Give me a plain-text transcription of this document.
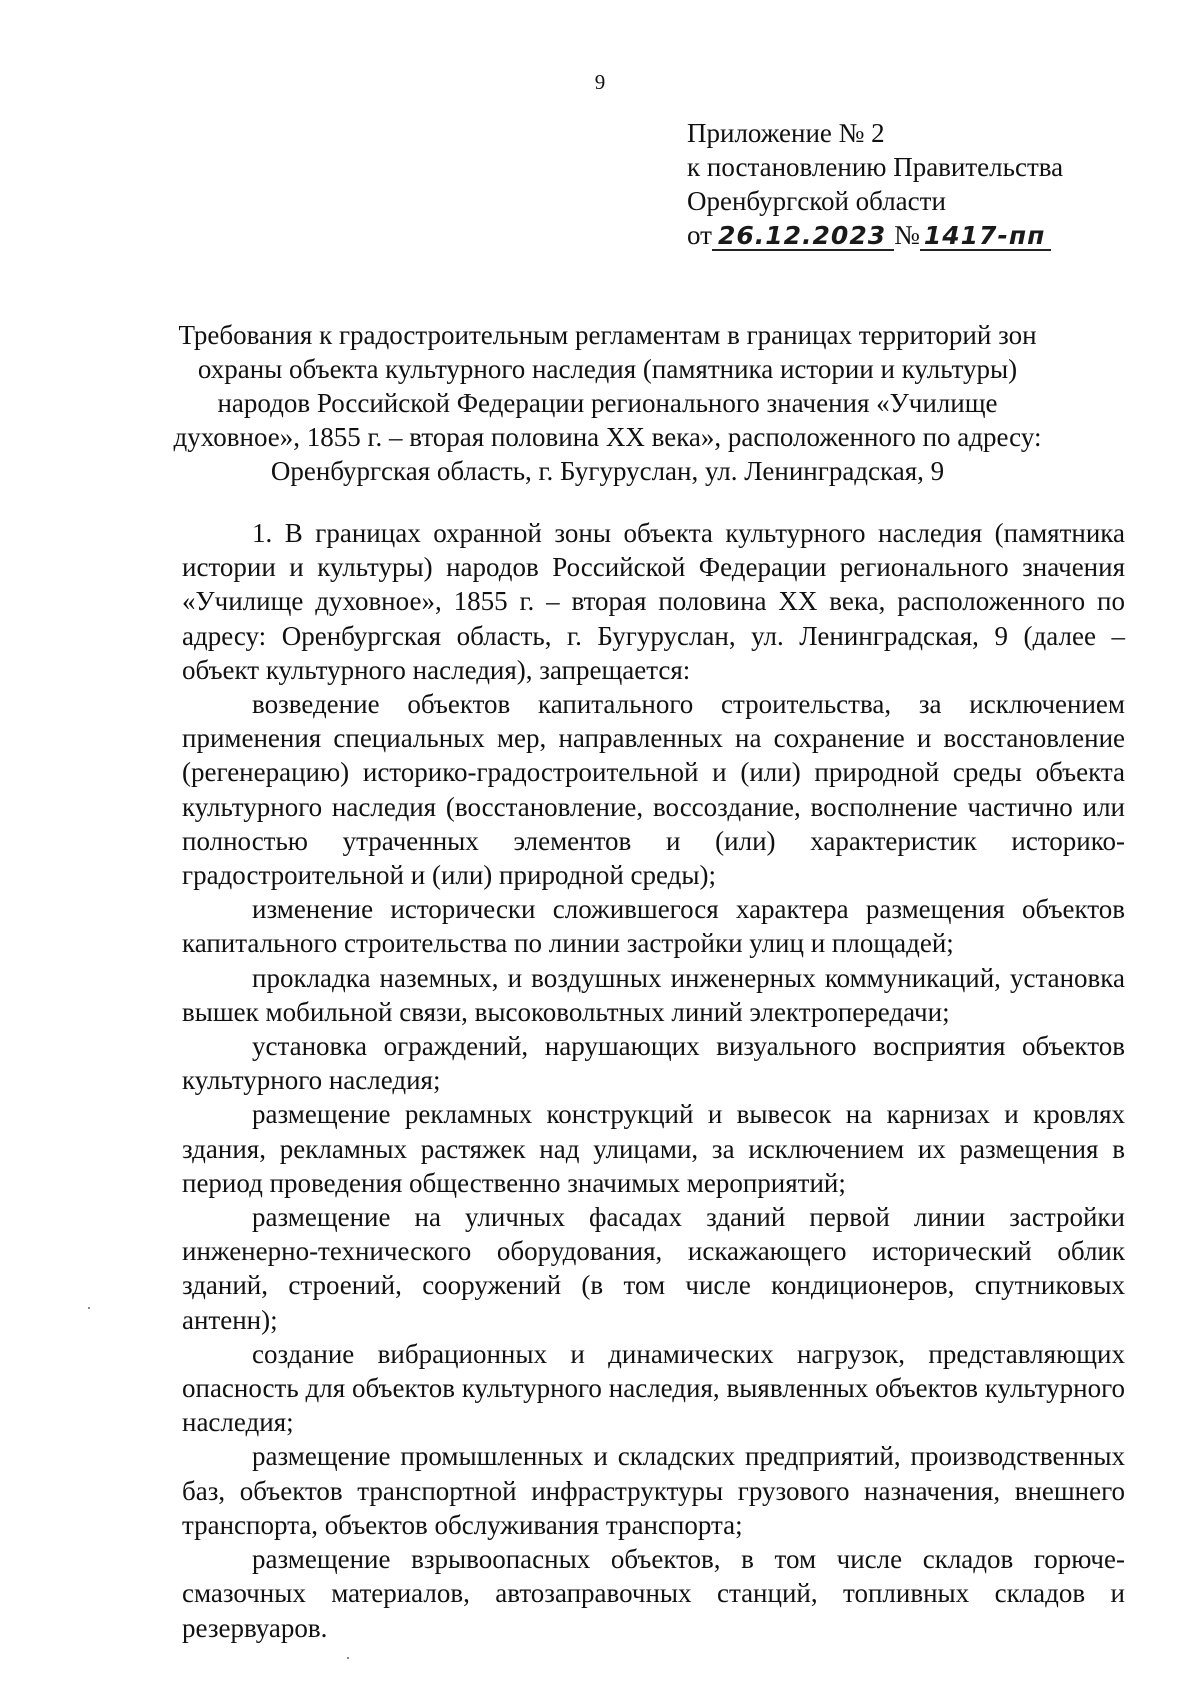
9
Приложение № 2
к постановлению Правительства
Оренбургской области
от 26.12.2023 № 1417-пп
Требования к градостроительным регламентам в границах территорий зон охраны объекта культурного наследия (памятника истории и культуры) народов Российской Федерации регионального значения «Училище духовное», 1855 г. – вторая половина XX века», расположенного по адресу: Оренбургская область, г. Бугуруслан, ул. Ленинградская, 9

1. В границах охранной зоны объекта культурного наследия (памятника истории и культуры) народов Российской Федерации регионального значения «Училище духовное», 1855 г. – вторая половина XX века, расположенного по адресу: Оренбургская область, г. Бугуруслан, ул. Ленинградская, 9 (далее – объект культурного наследия), запрещается:

возведение объектов капитального строительства, за исключением применения специальных мер, направленных на сохранение и восстановление (регенерацию) историко-градостроительной и (или) природной среды объекта культурного наследия (восстановление, воссоздание, восполнение частично или полностью утраченных элементов и (или) характеристик историко-градостроительной и (или) природной среды);

изменение исторически сложившегося характера размещения объектов капитального строительства по линии застройки улиц и площадей;

прокладка наземных, и воздушных инженерных коммуникаций, установка вышек мобильной связи, высоковольтных линий электропередачи;

установка ограждений, нарушающих визуального восприятия объектов культурного наследия;

размещение рекламных конструкций и вывесок на карнизах и кровлях здания, рекламных растяжек над улицами, за исключением их размещения в период проведения общественно значимых мероприятий;

размещение на уличных фасадах зданий первой линии застройки инженерно-технического оборудования, искажающего исторический облик зданий, строений, сооружений (в том числе кондиционеров, спутниковых антенн);

создание вибрационных и динамических нагрузок, представляющих опасность для объектов культурного наследия, выявленных объектов культурного наследия;

размещение промышленных и складских предприятий, производственных баз, объектов транспортной инфраструктуры грузового назначения, внешнего транспорта, объектов обслуживания транспорта;

размещение взрывоопасных объектов, в том числе складов горюче-смазочных материалов, автозаправочных станций, топливных складов и резервуаров.
